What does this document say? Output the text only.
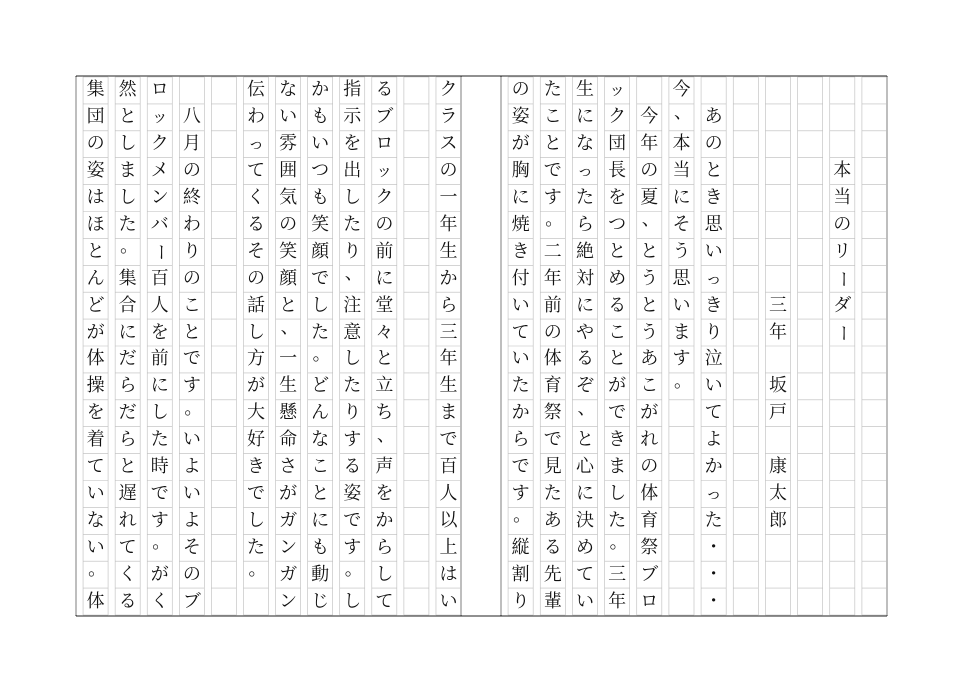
本
当
の
リ
ー
ダ
ー
三
年
坂
戸
康
太
郎
あ
の
と
き
思
い
っ
き
り
泣
い
て
よ
か
っ
た
・
・
・
今
、
本
当
に
そ
う
思
い
ま
す
。
今
年
の
夏
、
と
う
と
う
あ
こ
が
れ
の
体
育
祭
ブ
ロ
ッ
ク
団
長
を
つ
と
め
る
こ
と
が
で
き
ま
し
た
。
三
年
生
に
な
っ
た
ら
絶
対
に
や
る
ぞ
、
と
心
に
決
め
て
い
た
こ
と
で
す
。
二
年
前
の
体
育
祭
で
見
た
あ
る
先
輩
の
姿
が
胸
に
焼
き
付
い
て
い
た
か
ら
で
す
。
縦
割
り
ク
ラ
ス
の
一
年
生
か
ら
三
年
生
ま
で
百
人
以
上
は
い
る
ブ
ロ
ッ
ク
の
前
に
堂
々
と
立
ち
、
声
を
か
ら
し
て
指
示
を
出
し
た
り
、
注
意
し
た
り
す
る
姿
で
す
。
し
か
も
い
つ
も
笑
顔
で
し
た
。
ど
ん
な
こ
と
に
も
動
じ
な
い
雰
囲
気
の
笑
顔
と
、
一
生
懸
命
さ
が
ガ
ン
ガ
ン
伝
わ
っ
て
く
る
そ
の
話
し
方
が
大
好
き
で
し
た
。
八
月
の
終
わ
り
の
こ
と
で
す
。
い
よ
い
よ
そ
の
ブ
ロ
ッ
ク
メ
ン
バ
ー
百
人
を
前
に
し
た
時
で
す
。
が
く
然
と
し
ま
し
た
。
集
合
に
だ
ら
だ
ら
と
遅
れ
て
く
る
集
団
の
姿
は
ほ
と
ん
ど
が
体
操
を
着
て
い
な
い
。
体
